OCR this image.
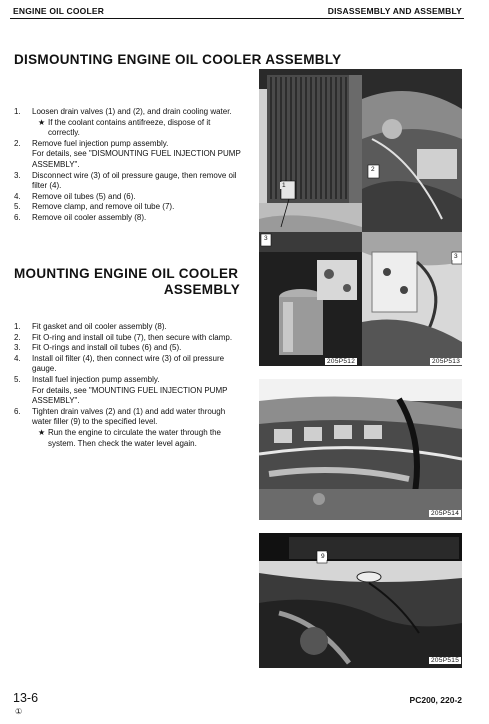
ENGINE OIL COOLER	DISASSEMBLY AND ASSEMBLY
DISMOUNTING ENGINE OIL COOLER ASSEMBLY
1. Loosen drain valves (1) and (2), and drain cooling water.
★ If the coolant contains antifreeze, dispose of it correctly.
2. Remove fuel injection pump assembly.
For details, see "DISMOUNTING FUEL INJECTION PUMP ASSEMBLY".
3. Disconnect wire (3) of oil pressure gauge, then remove oil filter (4).
4. Remove oil tubes (5) and (6).
5. Remove clamp, and remove oil tube (7).
6. Remove oil cooler assembly (8).
MOUNTING ENGINE OIL COOLER
ASSEMBLY
1. Fit gasket and oil cooler assembly (8).
2. Fit O-ring and install oil tube (7), then secure with clamp.
3. Fit O-rings and install oil tubes (6) and (5).
4. Install oil filter (4), then connect wire (3) of oil pressure gauge.
5. Install fuel injection pump assembly.
For details, see "MOUNTING FUEL INJECTION PUMP ASSEMBLY".
6. Tighten drain valves (2) and (1) and add water through water filler (9) to the specified level.
★ Run the engine to circulate the water through the system. Then check the water level again.
1
2
205P512	205P513
3
3
205P514
205P515
9
13-6
①
PC200, 220-2
